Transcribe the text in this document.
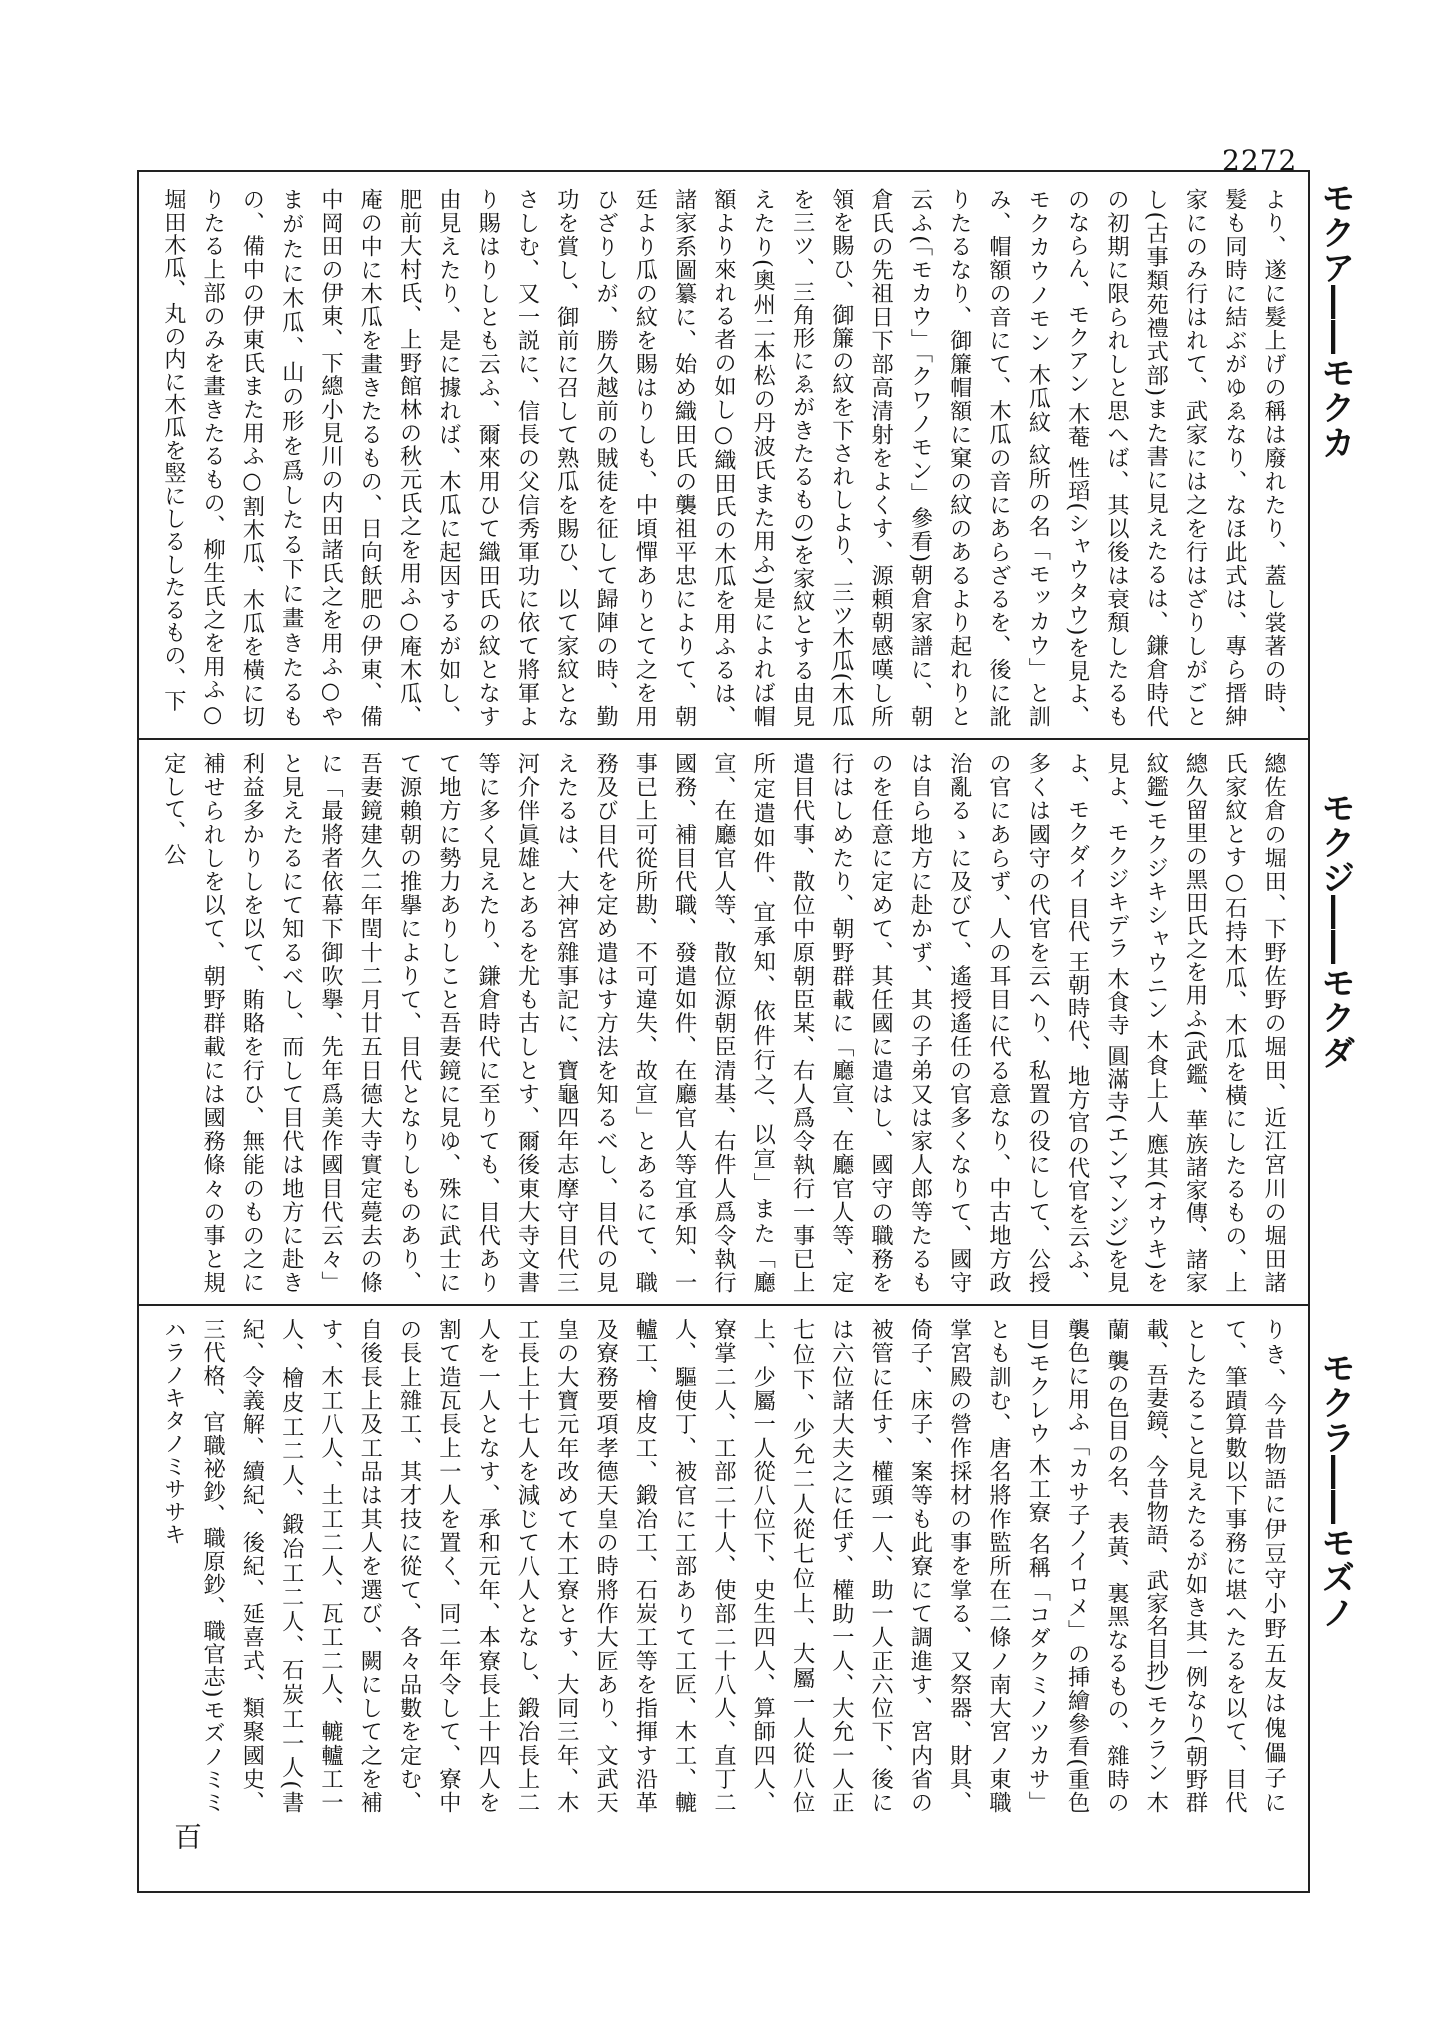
2272
モクア――モクカ
モクジ――モクダ
モクラ――モズノ
より、遂に髮上げの稱は廢れたり、蓋し裳著の時、髮も同時に結ぶがゆゑなり、なほ此式は、專ら搢紳家にのみ行はれて、武家には之を行はざりしがごとし(古事類苑禮式部)また書に見えたるは、鎌倉時代の初期に限られしと思へば、其以後は衰頽したるものならん、モクアン 木菴 性瑫(シャウタウ)を見よ、モクカウノモン 木瓜紋 紋所の名「モッカウ」と訓み、帽額の音にて、木瓜の音にあらざるを、後に訛りたるなり、御簾帽額に窠の紋のあるより起れりと云ふ(「モカウ」「クワノモン」參看)朝倉家譜に、朝倉氏の先祖日下部高清射をよくす、源頼朝感嘆し所領を賜ひ、御簾の紋を下されしより、三ツ木瓜(木瓜を三ツ、三角形にゑがきたるもの)を家紋とする由見えたり(奧州二本松の丹波氏また用ふ)是によれば帽額より來れる者の如し○織田氏の木瓜を用ふるは、諸家系圖纂に、始め織田氏の襲祖平忠によりて、朝廷より瓜の紋を賜はりしも、中頃憚ありとて之を用ひざりしが、勝久越前の賊徒を征して歸陣の時、勤功を賞し、御前に召して熟瓜を賜ひ、以て家紋となさしむ、又一説に、信長の父信秀軍功に依て將軍より賜はりしとも云ふ、爾來用ひて織田氏の紋となす由見えたり、是に據れば、木瓜に起因するが如し、肥前大村氏、上野館林の秋元氏之を用ふ○庵木瓜、庵の中に木瓜を畫きたるもの、日向飫肥の伊東、備中岡田の伊東、下總小見川の内田諸氏之を用ふ○やまがたに木瓜、山の形を爲したる下に畫きたるもの、備中の伊東氏また用ふ○割木瓜、木瓜を橫に切りたる上部のみを畫きたるもの、柳生氏之を用ふ○堀田木瓜、丸の内に木瓜を竪にしるしたるもの、下
總佐倉の堀田、下野佐野の堀田、近江宮川の堀田諸氏家紋とす○石持木瓜、木瓜を橫にしたるもの、上總久留里の黑田氏之を用ふ(武鑑、華族諸家傳、諸家紋鑑)モクジキシャウニン 木食上人 應其(オウキ)を見よ、モクジキデラ 木食寺 圓滿寺(エンマンジ)を見よ、モクダイ 目代 王朝時代、地方官の代官を云ふ、多くは國守の代官を云へり、私置の役にして、公授の官にあらず、人の耳目に代る意なり、中古地方政治亂るゝに及びて、遙授遙任の官多くなりて、國守は自ら地方に赴かず、其の子弟又は家人郎等たるものを任意に定めて、其任國に遣はし、國守の職務を行はしめたり、朝野群載に「廳宣、在廳官人等、定遣目代事、散位中原朝臣某、右人爲令執行一事已上所定遣如件、宜承知、依件行之、以宣」また「廳宣、在廳官人等、散位源朝臣清基、右件人爲令執行國務、補目代職、發遣如件、在廳官人等宜承知、一事已上可從所勘、不可違失、故宣」とあるにて、職務及び目代を定め遣はす方法を知るべし、目代の見えたるは、大神宮雜事記に、寶龜四年志摩守目代三河介伴眞雄とあるを尤も古しとす、爾後東大寺文書等に多く見えたり、鎌倉時代に至りても、目代ありて地方に勢力ありしこと吾妻鏡に見ゆ、殊に武士にて源賴朝の推擧によりて、目代となりしものあり、吾妻鏡建久二年閏十二月廿五日德大寺實定薨去の條に「最將者依幕下御吹擧、先年爲美作國目代云々」と見えたるにて知るべし、而して目代は地方に赴き利益多かりしを以て、賄賂を行ひ、無能のもの之に補せられしを以て、朝野群載には國務條々の事と規定して、公
りき、今昔物語に伊豆守小野五友は傀儡子にて、筆蹟算數以下事務に堪へたるを以て、目代としたること見えたるが如き其一例なり(朝野群載、吾妻鏡、今昔物語、武家名目抄)モクラン 木蘭 襲の色目の名、表黃、裏黑なるもの、雜時の襲色に用ふ「カサ子ノイロメ」の挿繪參看(重色目)モクレウ 木工寮 名稱「コダクミノツカサ」とも訓む、唐名將作監所在二條ノ南大宮ノ東職掌宮殿の營作採材の事を掌る、又祭器、財具、倚子、床子、案等も此寮にて調進す、宮内省の被管に任す、權頭一人、助一人正六位下、後には六位諸大夫之に任ず、權助一人、大允一人正七位下、少允二人從七位上、大屬一人從八位上、少屬一人從八位下、史生四人、算師四人、寮掌二人、工部二十人、使部二十八人、直丁二人、驅使丁、被官に工部ありて工匠、木工、轆轤工、檜皮工、鍛冶工、石炭工等を指揮す沿革及寮務要項孝德天皇の時將作大匠あり、文武天皇の大寶元年改めて木工寮とす、大同三年、木工長上十七人を減じて八人となし、鍛冶長上二人を一人となす、承和元年、本寮長上十四人を割て造瓦長上一人を置く、同二年令して、寮中の長上雜工、其才技に從て、各々品數を定む、自後長上及工品は其人を選び、闕にして之を補す、木工八人、土工二人、瓦工二人、轆轤工一人、檜皮工二人、鍛冶工二人、石炭工一人(書紀、令義解、續紀、後紀、延喜式、類聚國史、三代格、官職祕鈔、職原鈔、職官志)モズノミミハラノキタノミササキ
百
